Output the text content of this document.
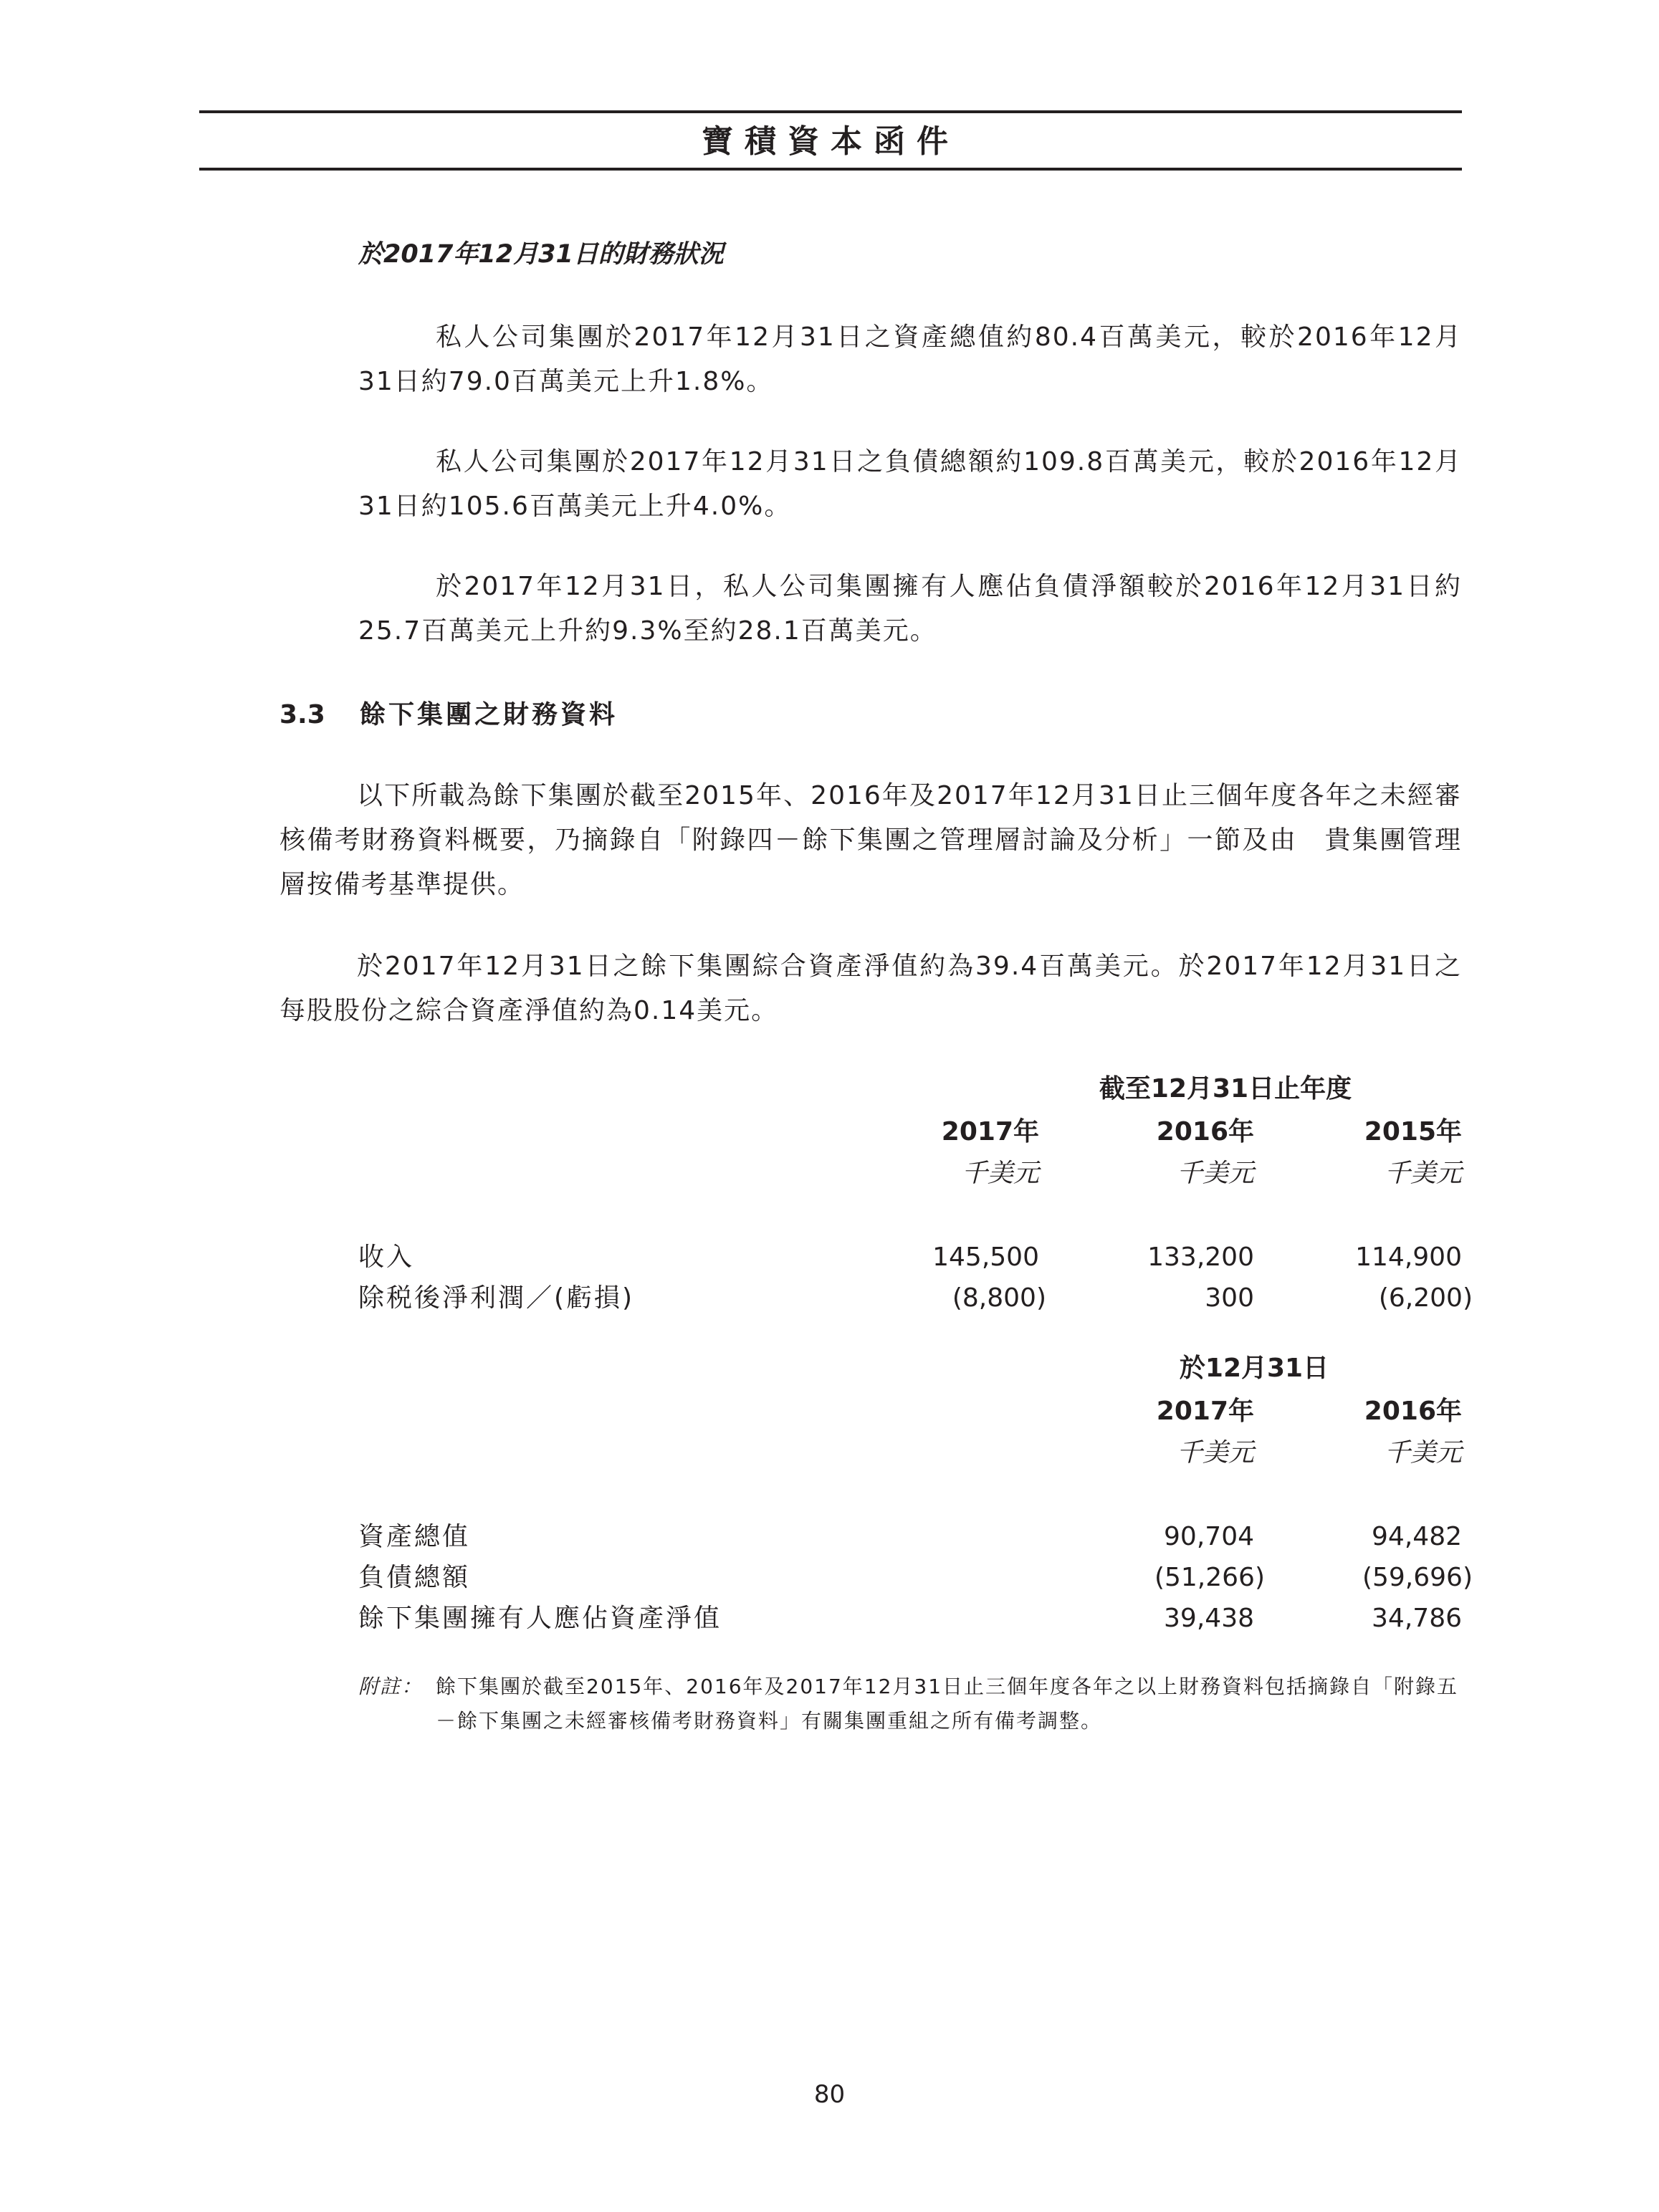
寶積資本函件
於2017年12月31日的財務狀況
私人公司集團於2017年12月31日之資產總值約80.4百萬美元，較於2016年12月31日約79.0百萬美元上升1.8%。
私人公司集團於2017年12月31日之負債總額約109.8百萬美元，較於2016年12月31日約105.6百萬美元上升4.0%。
於2017年12月31日，私人公司集團擁有人應佔負債淨額較於2016年12月31日約25.7百萬美元上升約9.3%至約28.1百萬美元。
3.3 餘下集團之財務資料
以下所載為餘下集團於截至2015年、2016年及2017年12月31日止三個年度各年之未經審核備考財務資料概要，乃摘錄自「附錄四－餘下集團之管理層討論及分析」一節及由　貴集團管理層按備考基準提供。
於2017年12月31日之餘下集團綜合資產淨值約為39.4百萬美元。於2017年12月31日之每股股份之綜合資產淨值約為0.14美元。
截至12月31日止年度
2017年	2016年	2015年
千美元	千美元	千美元
收入	145,500	133,200	114,900
除税後淨利潤／(虧損)	(8,800)	300	(6,200)
於12月31日
2017年	2016年
千美元	千美元
資產總值	90,704	94,482
負債總額	(51,266)	(59,696)
餘下集團擁有人應佔資產淨值	39,438	34,786
附註： 餘下集團於截至2015年、2016年及2017年12月31日止三個年度各年之以上財務資料包括摘錄自「附錄五－餘下集團之未經審核備考財務資料」有關集團重組之所有備考調整。
80
